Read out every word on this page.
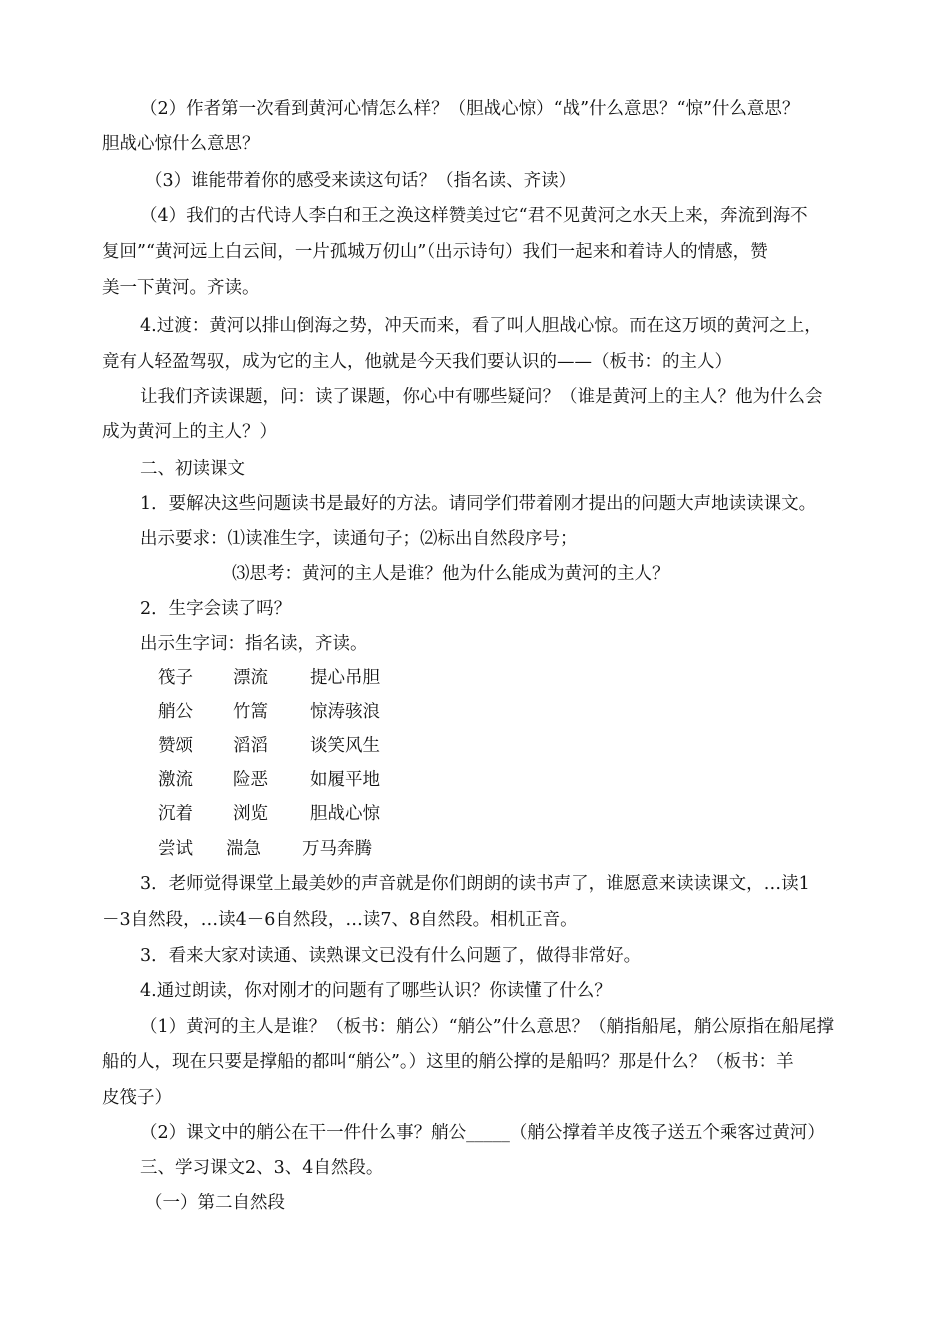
（2）作者第一次看到黄河心情怎么样？（胆战心惊）“战”什么意思？“惊”什么意思？
胆战心惊什么意思？
（3）谁能带着你的感受来读这句话？（指名读、齐读）
（4）我们的古代诗人李白和王之涣这样赞美过它“君不见黄河之水天上来，奔流到海不
复回”“黄河远上白云间，一片孤城万仞山”（出示诗句）我们一起来和着诗人的情感，赞
美一下黄河。齐读。
4.过渡：黄河以排山倒海之势，冲天而来，看了叫人胆战心惊。而在这万顷的黄河之上，
竟有人轻盈驾驭，成为它的主人，他就是今天我们要认识的——（板书：的主人）
让我们齐读课题，问：读了课题，你心中有哪些疑问？（谁是黄河上的主人？他为什么会
成为黄河上的主人？）
二、初读课文
1．要解决这些问题读书是最好的方法。请同学们带着刚才提出的问题大声地读读课文。
出示要求：⑴读准生字，读通句子；⑵标出自然段序号；
⑶思考：黄河的主人是谁？他为什么能成为黄河的主人？
2．生字会读了吗？
出示生字词：指名读，齐读。
筏子 漂流 提心吊胆
艄公 竹篙 惊涛骇浪
赞颂 滔滔 谈笑风生
激流 险恶 如履平地
沉着 浏览 胆战心惊
尝试 湍急 万马奔腾
3．老师觉得课堂上最美妙的声音就是你们朗朗的读书声了，谁愿意来读读课文，…读1
－3自然段，…读4－6自然段，…读7、8自然段。相机正音。
3．看来大家对读通、读熟课文已没有什么问题了，做得非常好。
4.通过朗读，你对刚才的问题有了哪些认识？你读懂了什么？
（1）黄河的主人是谁？（板书：艄公）“艄公”什么意思？（艄指船尾，艄公原指在船尾撑
船的人，现在只要是撑船的都叫“艄公”。）这里的艄公撑的是船吗？那是什么？（板书：羊
皮筏子）
（2）课文中的艄公在干一件什么事？艄公_____（艄公撑着羊皮筏子送五个乘客过黄河）
三、学习课文2、3、4自然段。
（一）第二自然段
